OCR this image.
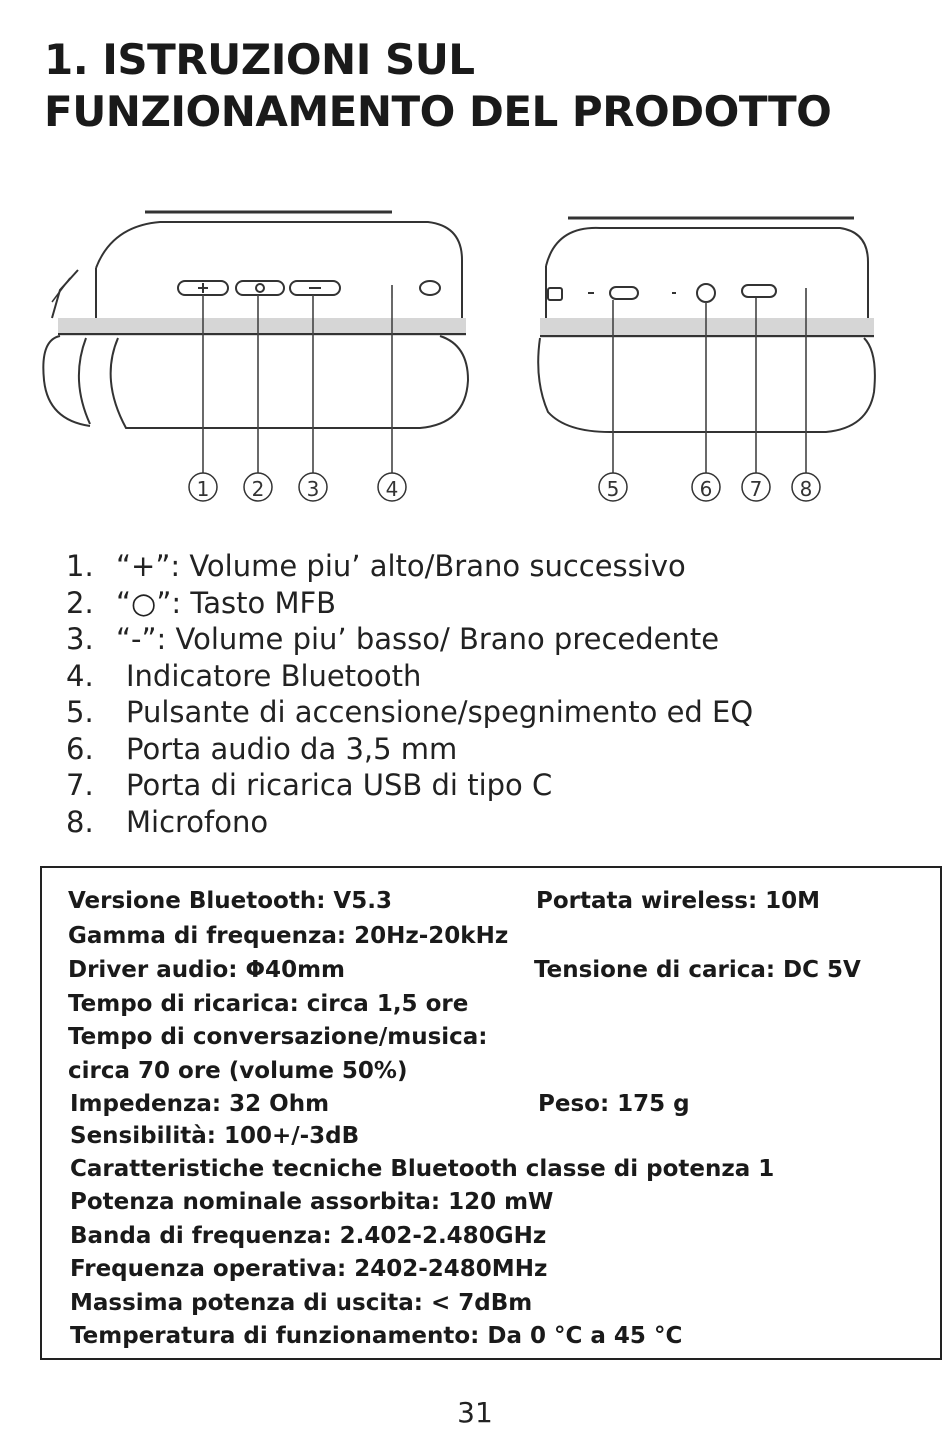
1. ISTRUZIONI SUL
FUNZIONAMENTO DEL PRODOTTO
1 2 3	4	5	6 7 8
1. “+”: Volume piu’ alto/Brano successivo
2. “○”: Tasto MFB
3. “-”: Volume piu’ basso/ Brano precedente
4.	Indicatore Bluetooth
5.	Pulsante di accensione/spegnimento ed EQ
6.	Porta audio da 3,5 mm
7.	Porta di ricarica USB di tipo C
8.	Microfono
Versione Bluetooth: V5.3	Portata wireless: 10M
Gamma di frequenza: 20Hz-20kHz
Driver audio: Φ40mm	Tensione di carica: DC 5V
Tempo di ricarica: circa 1,5 ore
Tempo di conversazione/musica:
circa 70 ore (volume 50%)
Impedenza: 32 Ohm	Peso: 175 g
Sensibilità: 100+/-3dB
Caratteristiche tecniche Bluetooth classe di potenza 1
Potenza nominale assorbita: 120 mW
Banda di frequenza: 2.402-2.480GHz
Frequenza operativa: 2402-2480MHz
Massima potenza di uscita: < 7dBm
Temperatura di funzionamento: Da 0 °C a 45 °C
31
